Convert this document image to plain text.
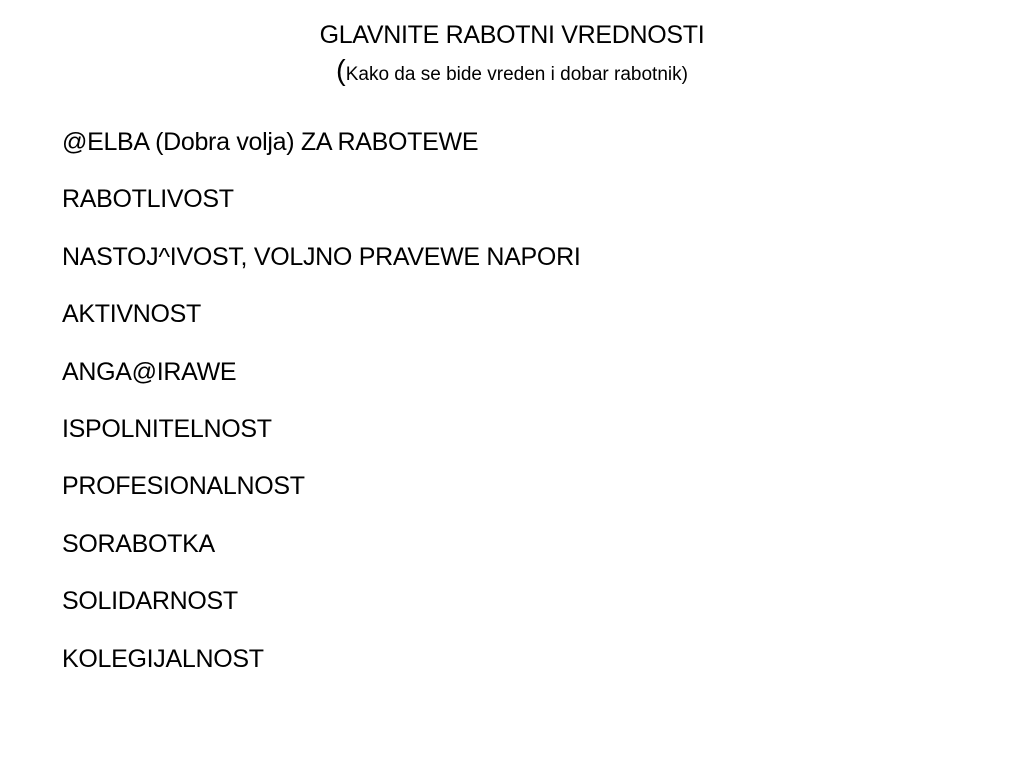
GLAVNITE RABOTNI VREDNOSTI
(Kako da se bide vreden i dobar rabotnik)
@ELBA (Dobra volja) ZA RABOTEWE
RABOTLIVOST
NASTOJ^IVOST, VOLJNO PRAVEWE NAPORI
AKTIVNOST
ANGA@IRAWE
ISPOLNITELNOST
PROFESIONALNOST
SORABOTKA
SOLIDARNOST
KOLEGIJALNOST
